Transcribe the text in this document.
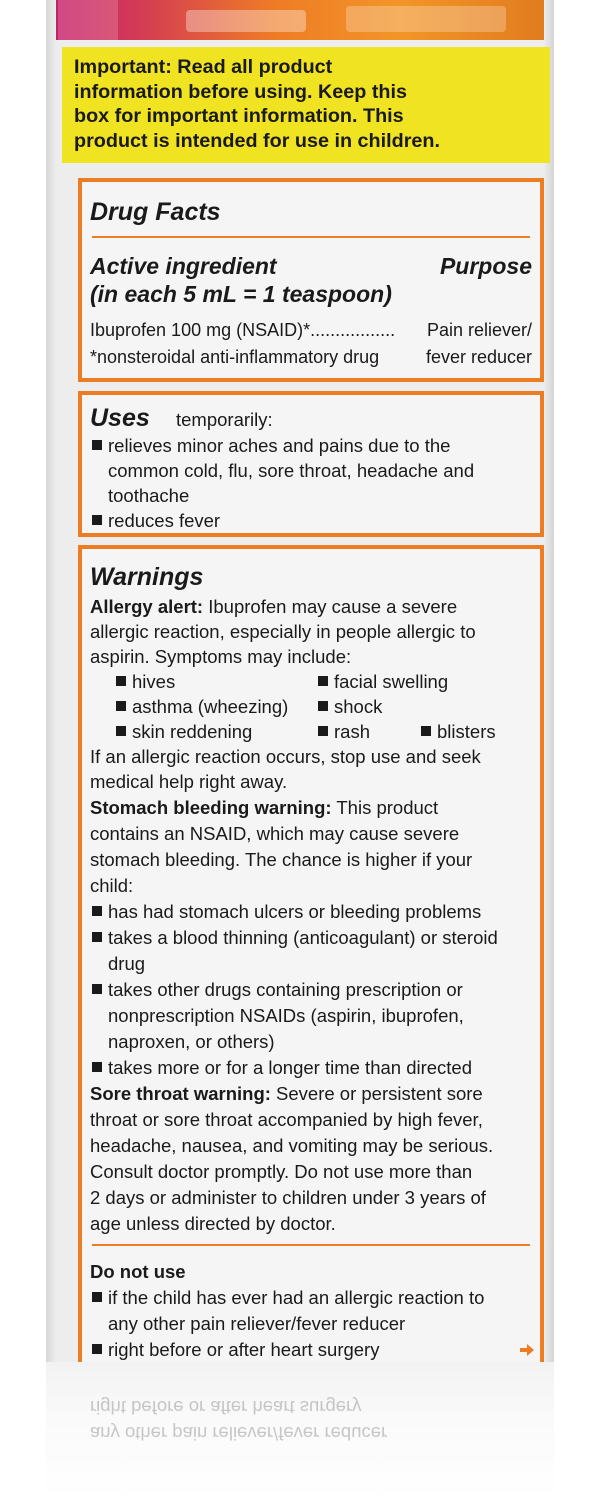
Important: Read all product
information before using. Keep this
box for important information. This
product is intended for use in children.
Drug Facts
Active ingredient	Purpose
(in each 5 mL = 1 teaspoon)
Ibuprofen 100 mg (NSAID)*................. Pain reliever/
*nonsteroidal anti-inflammatory drug	fever reducer
Uses temporarily:
relieves minor aches and pains due to the
common cold, flu, sore throat, headache and
toothache
reduces fever
Warnings
Allergy alert: Ibuprofen may cause a severe
allergic reaction, especially in people allergic to
aspirin. Symptoms may include:
hives	facial swelling
asthma (wheezing) shock
skin reddening	rash	blisters
If an allergic reaction occurs, stop use and seek
medical help right away.
Stomach bleeding warning: This product
contains an NSAID, which may cause severe
stomach bleeding. The chance is higher if your
child:
has had stomach ulcers or bleeding problems
takes a blood thinning (anticoagulant) or steroid
drug
takes other drugs containing prescription or
nonprescription NSAIDs (aspirin, ibuprofen,
naproxen, or others)
takes more or for a longer time than directed
Sore throat warning: Severe or persistent sore
throat or sore throat accompanied by high fever,
headache, nausea, and vomiting may be serious.
Consult doctor promptly. Do not use more than
2 days or administer to children under 3 years of
age unless directed by doctor.
Do not use
if the child has ever had an allergic reaction to
any other pain reliever/fever reducer
right before or after heart surgery
right before or after heart surgery
any other pain reliever/fever reducer
